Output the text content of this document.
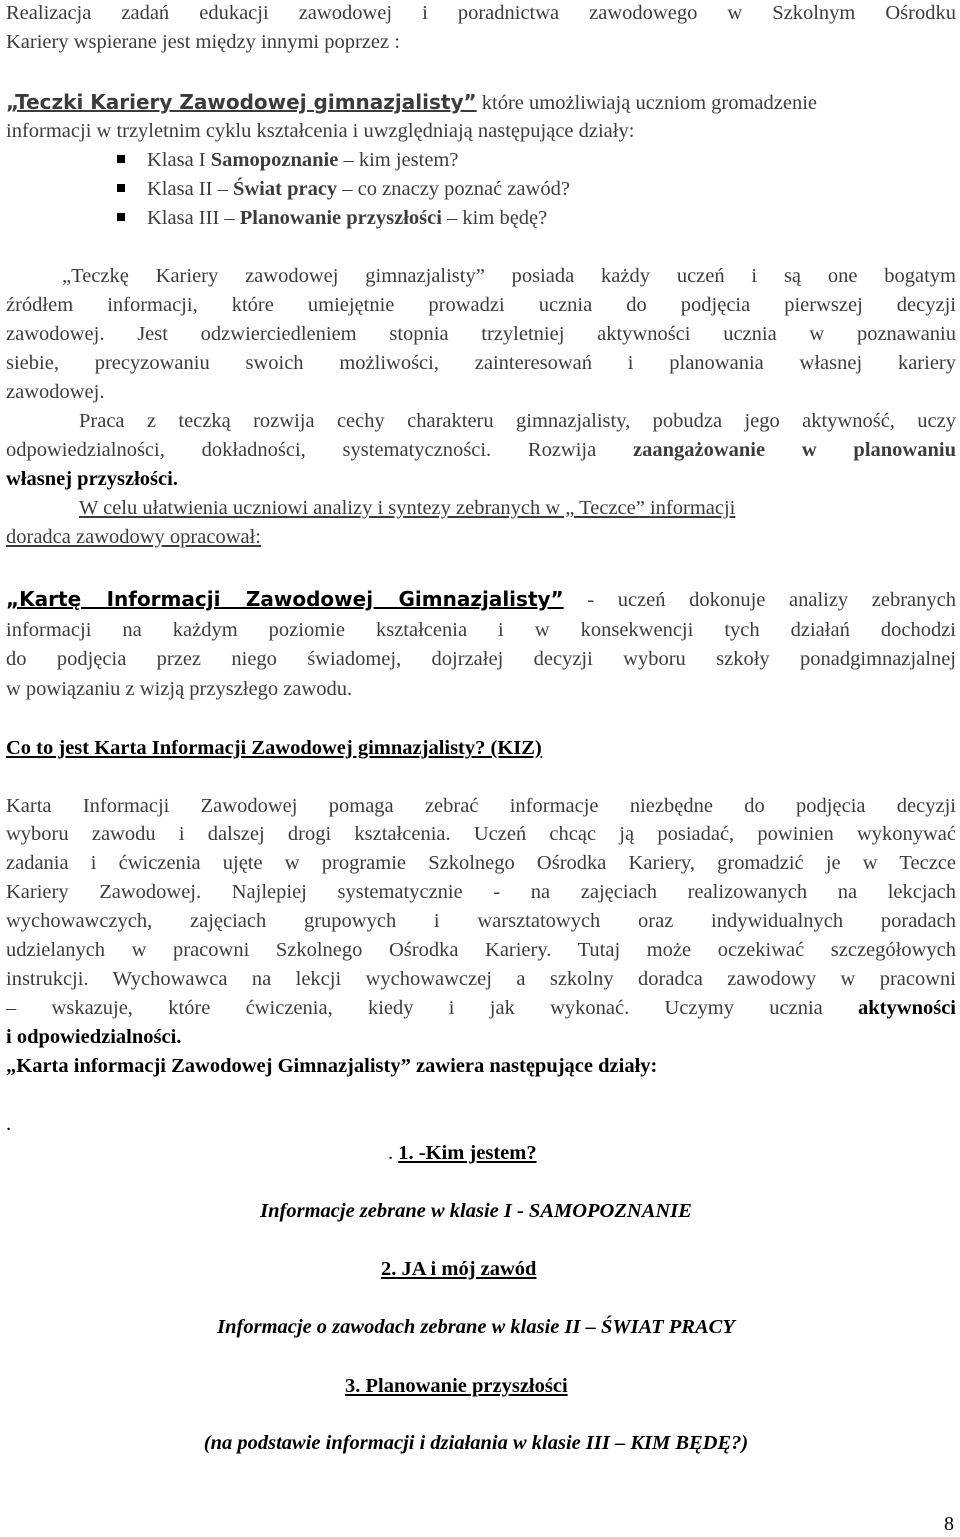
Realizacja zadań edukacji zawodowej i poradnictwa zawodowego w Szkolnym Ośrodku
Kariery wspierane jest między innymi poprzez :
„Teczki Kariery Zawodowej gimnazjalisty” które umożliwiają uczniom gromadzenie
informacji w trzyletnim cyklu kształcenia i uwzględniają następujące działy:
Klasa I Samopoznanie – kim jestem?
Klasa II – Świat pracy – co znaczy poznać zawód?
Klasa III – Planowanie przyszłości – kim będę?
„Teczkę Kariery zawodowej gimnazjalisty” posiada każdy uczeń i są one bogatym
źródłem informacji, które umiejętnie prowadzi ucznia do podjęcia pierwszej decyzji
zawodowej. Jest odzwierciedleniem stopnia trzyletniej aktywności ucznia w poznawaniu
siebie, precyzowaniu swoich możliwości, zainteresowań i planowania własnej kariery
zawodowej.
Praca z teczką rozwija cechy charakteru gimnazjalisty, pobudza jego aktywność, uczy
odpowiedzialności, dokładności, systematyczności. Rozwija zaangażowanie w planowaniu
własnej przyszłości.
W celu ułatwienia uczniowi analizy i syntezy zebranych w „ Teczce” informacji
doradca zawodowy opracował:
„Kartę Informacji Zawodowej Gimnazjalisty” - uczeń dokonuje analizy zebranych
informacji na każdym poziomie kształcenia i w konsekwencji tych działań dochodzi
do podjęcia przez niego świadomej, dojrzałej decyzji wyboru szkoły ponadgimnazjalnej
w powiązaniu z wizją przyszłego zawodu.
Co to jest Karta Informacji Zawodowej gimnazjalisty? (KIZ)
Karta Informacji Zawodowej pomaga zebrać informacje niezbędne do podjęcia decyzji
wyboru zawodu i dalszej drogi kształcenia. Uczeń chcąc ją posiadać, powinien wykonywać
zadania i ćwiczenia ujęte w programie Szkolnego Ośrodka Kariery, gromadzić je w Teczce
Kariery Zawodowej. Najlepiej systematycznie - na zajęciach realizowanych na lekcjach
wychowawczych, zajęciach grupowych i warsztatowych oraz indywidualnych poradach
udzielanych w pracowni Szkolnego Ośrodka Kariery. Tutaj może oczekiwać szczegółowych
instrukcji. Wychowawca na lekcji wychowawczej a szkolny doradca zawodowy w pracowni
– wskazuje, które ćwiczenia, kiedy i jak wykonać. Uczymy ucznia aktywności
i odpowiedzialności.
„Karta informacji Zawodowej Gimnazjalisty” zawiera następujące działy:
.
. 1. -Kim jestem?
Informacje zebrane w klasie I - SAMOPOZNANIE
2. JA i mój zawód
Informacje o zawodach zebrane w klasie II – ŚWIAT PRACY
3. Planowanie przyszłości
(na podstawie informacji i działania w klasie III – KIM BĘDĘ?)
8
